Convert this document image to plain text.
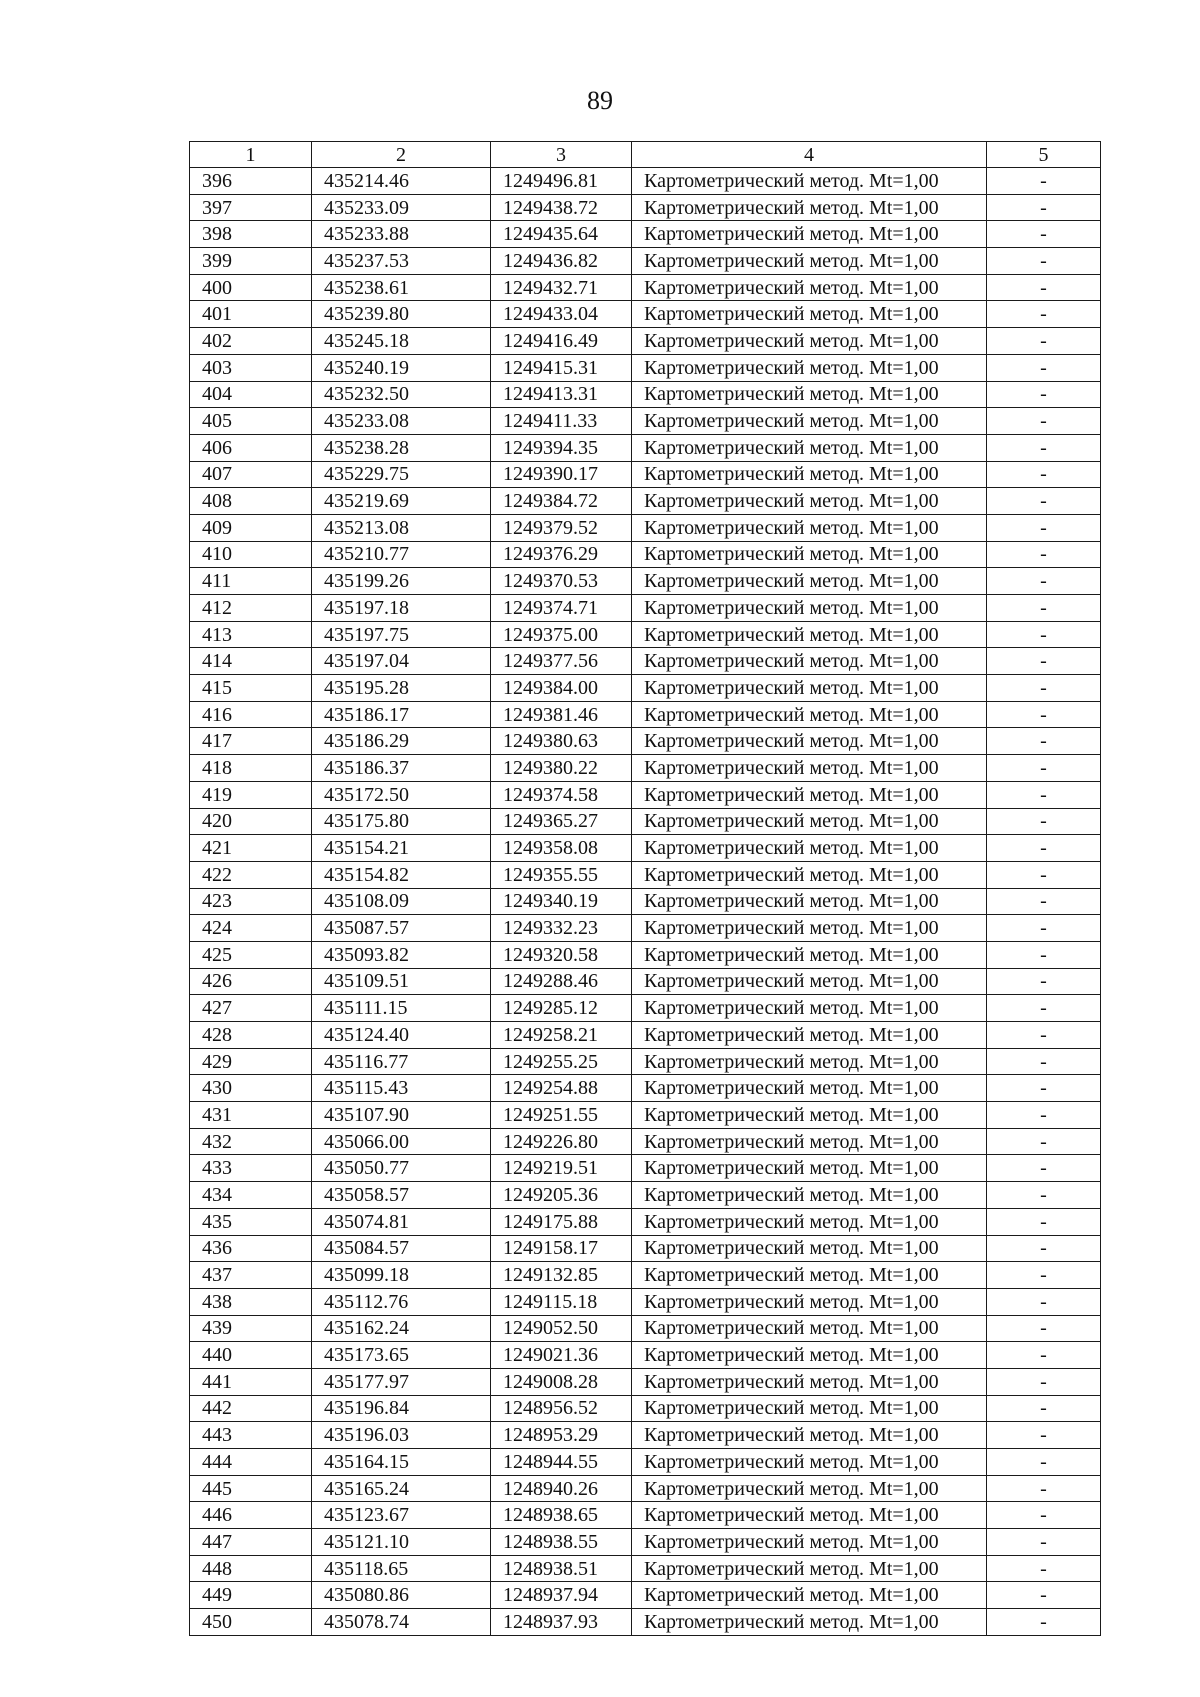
89
1	2	3	4	5
396	435214.46	1249496.81	Картометрический метод. Mt=1,00	-
397	435233.09	1249438.72	Картометрический метод. Mt=1,00	-
398	435233.88	1249435.64	Картометрический метод. Mt=1,00	-
399	435237.53	1249436.82	Картометрический метод. Mt=1,00	-
400	435238.61	1249432.71	Картометрический метод. Mt=1,00	-
401	435239.80	1249433.04	Картометрический метод. Mt=1,00	-
402	435245.18	1249416.49	Картометрический метод. Mt=1,00	-
403	435240.19	1249415.31	Картометрический метод. Mt=1,00	-
404	435232.50	1249413.31	Картометрический метод. Mt=1,00	-
405	435233.08	1249411.33	Картометрический метод. Mt=1,00	-
406	435238.28	1249394.35	Картометрический метод. Mt=1,00	-
407	435229.75	1249390.17	Картометрический метод. Mt=1,00	-
408	435219.69	1249384.72	Картометрический метод. Mt=1,00	-
409	435213.08	1249379.52	Картометрический метод. Mt=1,00	-
410	435210.77	1249376.29	Картометрический метод. Mt=1,00	-
411	435199.26	1249370.53	Картометрический метод. Mt=1,00	-
412	435197.18	1249374.71	Картометрический метод. Mt=1,00	-
413	435197.75	1249375.00	Картометрический метод. Mt=1,00	-
414	435197.04	1249377.56	Картометрический метод. Mt=1,00	-
415	435195.28	1249384.00	Картометрический метод. Mt=1,00	-
416	435186.17	1249381.46	Картометрический метод. Mt=1,00	-
417	435186.29	1249380.63	Картометрический метод. Mt=1,00	-
418	435186.37	1249380.22	Картометрический метод. Mt=1,00	-
419	435172.50	1249374.58	Картометрический метод. Mt=1,00	-
420	435175.80	1249365.27	Картометрический метод. Mt=1,00	-
421	435154.21	1249358.08	Картометрический метод. Mt=1,00	-
422	435154.82	1249355.55	Картометрический метод. Mt=1,00	-
423	435108.09	1249340.19	Картометрический метод. Mt=1,00	-
424	435087.57	1249332.23	Картометрический метод. Mt=1,00	-
425	435093.82	1249320.58	Картометрический метод. Mt=1,00	-
426	435109.51	1249288.46	Картометрический метод. Mt=1,00	-
427	435111.15	1249285.12	Картометрический метод. Mt=1,00	-
428	435124.40	1249258.21	Картометрический метод. Mt=1,00	-
429	435116.77	1249255.25	Картометрический метод. Mt=1,00	-
430	435115.43	1249254.88	Картометрический метод. Mt=1,00	-
431	435107.90	1249251.55	Картометрический метод. Mt=1,00	-
432	435066.00	1249226.80	Картометрический метод. Mt=1,00	-
433	435050.77	1249219.51	Картометрический метод. Mt=1,00	-
434	435058.57	1249205.36	Картометрический метод. Mt=1,00	-
435	435074.81	1249175.88	Картометрический метод. Mt=1,00	-
436	435084.57	1249158.17	Картометрический метод. Mt=1,00	-
437	435099.18	1249132.85	Картометрический метод. Mt=1,00	-
438	435112.76	1249115.18	Картометрический метод. Mt=1,00	-
439	435162.24	1249052.50	Картометрический метод. Mt=1,00	-
440	435173.65	1249021.36	Картометрический метод. Mt=1,00	-
441	435177.97	1249008.28	Картометрический метод. Mt=1,00	-
442	435196.84	1248956.52	Картометрический метод. Mt=1,00	-
443	435196.03	1248953.29	Картометрический метод. Mt=1,00	-
444	435164.15	1248944.55	Картометрический метод. Mt=1,00	-
445	435165.24	1248940.26	Картометрический метод. Mt=1,00	-
446	435123.67	1248938.65	Картометрический метод. Mt=1,00	-
447	435121.10	1248938.55	Картометрический метод. Mt=1,00	-
448	435118.65	1248938.51	Картометрический метод. Mt=1,00	-
449	435080.86	1248937.94	Картометрический метод. Mt=1,00	-
450	435078.74	1248937.93	Картометрический метод. Mt=1,00	-
